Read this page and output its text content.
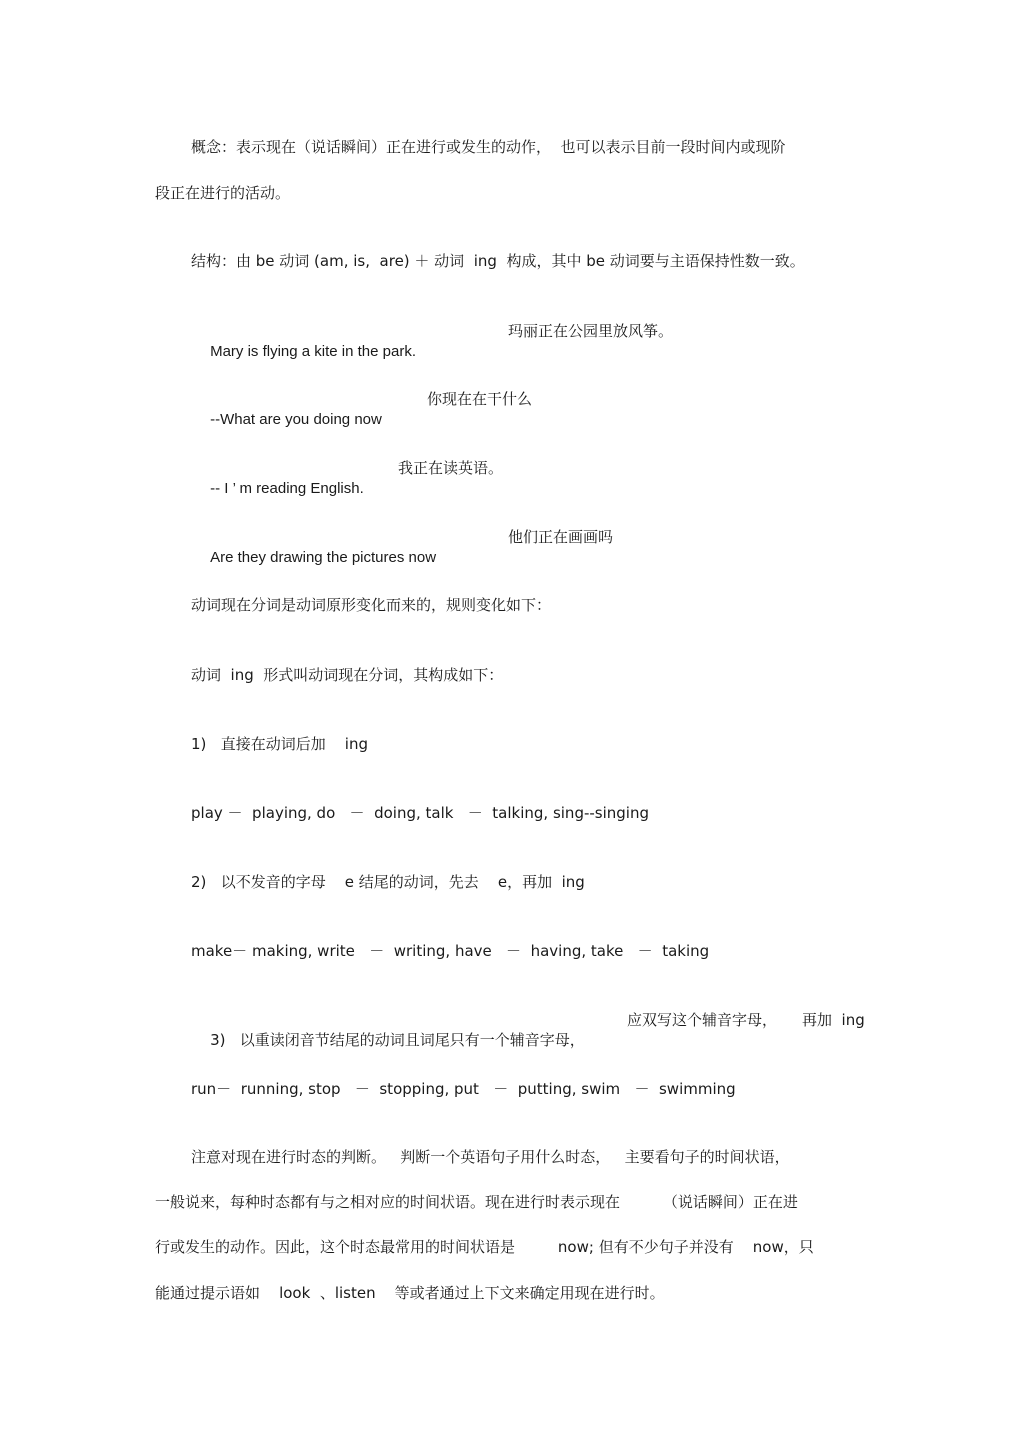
概念：表示现在（说话瞬间）正在进行或发生的动作，  也可以表示目前一段时间内或现阶
段正在进行的活动。
结构：由 be 动词 (am, is,  are) ＋ 动词  ing  构成，其中 be 动词要与主语保持性数一致。

Mary is flying a kite in the park.

玛丽正在公园里放风筝。

--What are you doing now

你现在在干什么

-- I ’ m reading English.

我正在读英语。

Are they drawing the pictures now

他们正在画画吗

动词现在分词是动词原形变化而来的，规则变化如下：
动词  ing  形式叫动词现在分词，其构成如下：
1)   直接在动词后加    ing
play －  playing, do   －  doing, talk   －  talking, sing--singing
2)   以不发音的字母    e 结尾的动词，先去    e，再加  ing
make－ making, write   －  writing, have   －  having, take   －  taking

3)   以重读闭音节结尾的动词且词尾只有一个辅音字母，

应双写这个辅音字母，

再加  ing

run－  running, stop   －  stopping, put   －  putting, swim   －  swimming
注意对现在进行时态的判断。   判断一个英语句子用什么时态，   主要看句子的时间状语，
一般说来，每种时态都有与之相对应的时间状语。现在进行时表示现在         （说话瞬间）正在进
行或发生的动作。因此，这个时态最常用的时间状语是         now; 但有不少句子并没有    now，只
能通过提示语如    look  、listen    等或者通过上下文来确定用现在进行时。
